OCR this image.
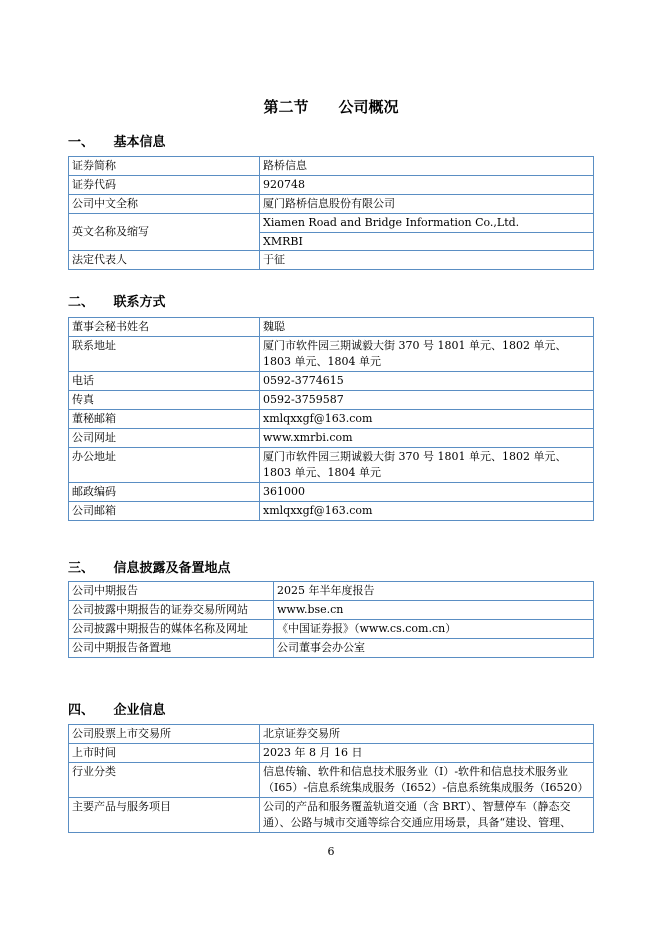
第二节　　公司概况
一、　　基本信息
证券简称	路桥信息
证券代码	920748
公司中文全称	厦门路桥信息股份有限公司
英文名称及缩写	Xiamen Road and Bridge Information Co.,Ltd.
XMRBI

法定代表人	于征
二、　　联系方式
董事会秘书姓名	魏聪
联系地址	厦门市软件园三期诚毅大街 370 号 1801 单元、1802 单元、1803 单元、1804 单元
电话	0592-3774615
传真	0592-3759587
董秘邮箱	xmlqxxgf@163.com
公司网址	www.xmrbi.com
办公地址	厦门市软件园三期诚毅大街 370 号 1801 单元、1802 单元、1803 单元、1804 单元
邮政编码	361000
公司邮箱	xmlqxxgf@163.com
三、　　信息披露及备置地点
公司中期报告	2025 年半年度报告
公司披露中期报告的证券交易所网站	www.bse.cn
公司披露中期报告的媒体名称及网址	《中国证券报》（www.cs.com.cn）
公司中期报告备置地	公司董事会办公室
四、　　企业信息
公司股票上市交易所	北京证券交易所
上市时间	2023 年 8 月 16 日
行业分类	信息传输、软件和信息技术服务业（I）-软件和信息技术服务业（I65）-信息系统集成服务（I652）-信息系统集成服务（I6520）
主要产品与服务项目	公司的产品和服务覆盖轨道交通（含 BRT）、智慧停车（静态交通）、公路与城市交通等综合交通应用场景，具备“建设、管理、
6
